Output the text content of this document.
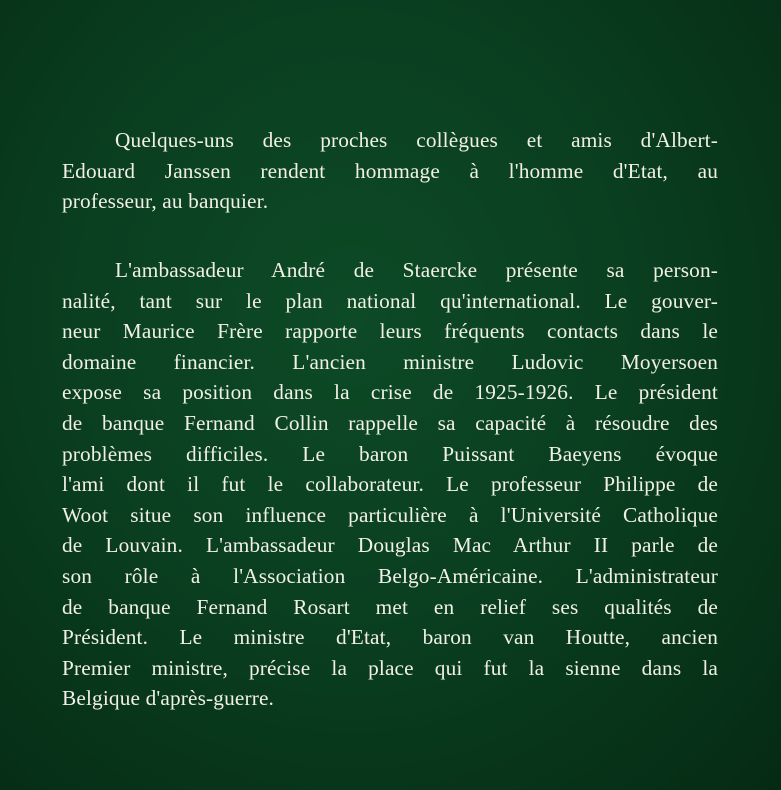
Quelques-uns des proches collègues et amis d'Albert-
Edouard Janssen rendent hommage à l'homme d'Etat, au
professeur, au banquier.
L'ambassadeur André de Staercke présente sa person-
nalité, tant sur le plan national qu'international. Le gouver-
neur Maurice Frère rapporte leurs fréquents contacts dans le
domaine financier. L'ancien ministre Ludovic Moyersoen
expose sa position dans la crise de 1925-1926. Le président
de banque Fernand Collin rappelle sa capacité à résoudre des
problèmes difficiles. Le baron Puissant Baeyens évoque
l'ami dont il fut le collaborateur. Le professeur Philippe de
Woot situe son influence particulière à l'Université Catholique
de Louvain. L'ambassadeur Douglas Mac Arthur II parle de
son rôle à l'Association Belgo-Américaine. L'administrateur
de banque Fernand Rosart met en relief ses qualités de
Président. Le ministre d'Etat, baron van Houtte, ancien
Premier ministre, précise la place qui fut la sienne dans la
Belgique d'après-guerre.
